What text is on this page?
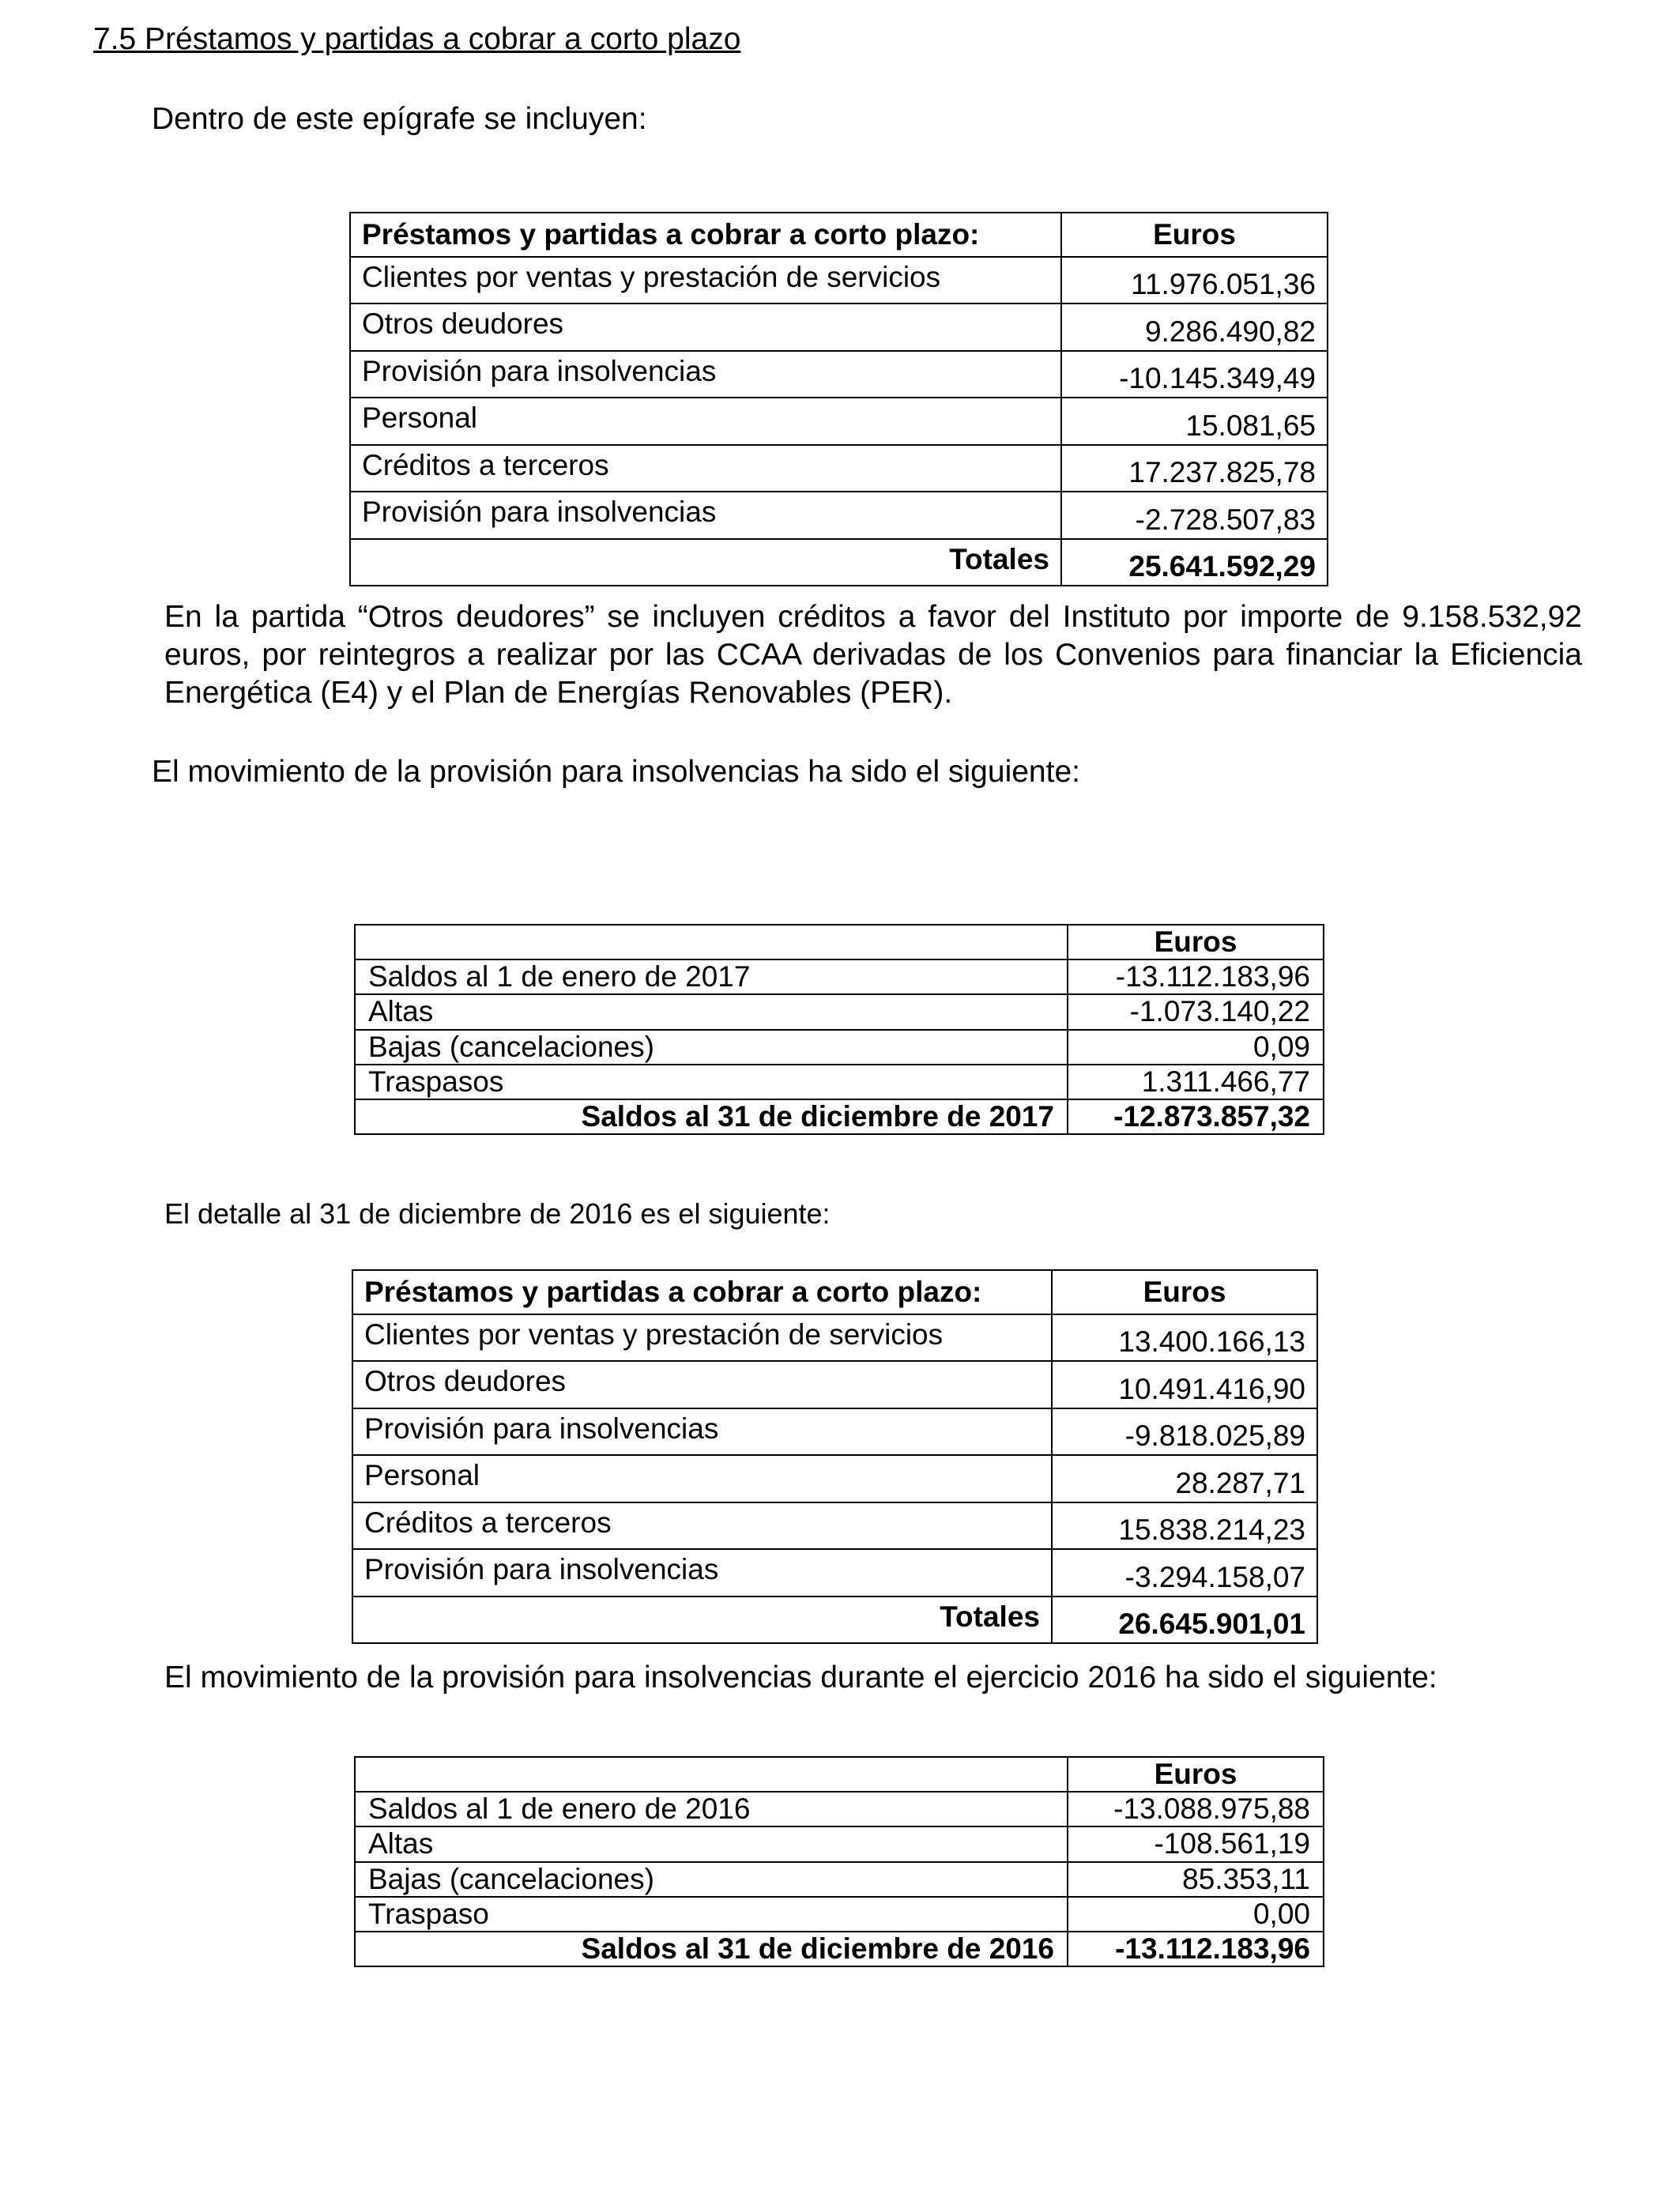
7.5 Préstamos y partidas a cobrar a corto plazo
Dentro de este epígrafe se incluyen:
Préstamos y partidas a cobrar a corto plazo:	Euros
Clientes por ventas y prestación de servicios	11.976.051,36
Otros deudores	9.286.490,82
Provisión para insolvencias	-10.145.349,49
Personal	15.081,65
Créditos a terceros	17.237.825,78
Provisión para insolvencias	-2.728.507,83
Totales	25.641.592,29
En la partida “Otros deudores” se incluyen créditos a favor del Instituto por importe de 9.158.532,92 euros, por reintegros a realizar por las CCAA derivadas de los Convenios para financiar la Eficiencia Energética (E4) y el Plan de Energías Renovables (PER).
El movimiento de la provisión para insolvencias ha sido el siguiente:
	Euros
Saldos al 1 de enero de 2017	-13.112.183,96
Altas	-1.073.140,22
Bajas (cancelaciones)	0,09
Traspasos	1.311.466,77
Saldos al 31 de diciembre de 2017	-12.873.857,32
El detalle al 31 de diciembre de 2016 es el siguiente:
Préstamos y partidas a cobrar a corto plazo:	Euros
Clientes por ventas y prestación de servicios	13.400.166,13
Otros deudores	10.491.416,90
Provisión para insolvencias	-9.818.025,89
Personal	28.287,71
Créditos a terceros	15.838.214,23
Provisión para insolvencias	-3.294.158,07
Totales	26.645.901,01
El movimiento de la provisión para insolvencias durante el ejercicio 2016 ha sido el siguiente:
	Euros
Saldos al 1 de enero de 2016	-13.088.975,88
Altas	-108.561,19
Bajas (cancelaciones)	85.353,11
Traspaso	0,00
Saldos al 31 de diciembre de 2016	-13.112.183,96
